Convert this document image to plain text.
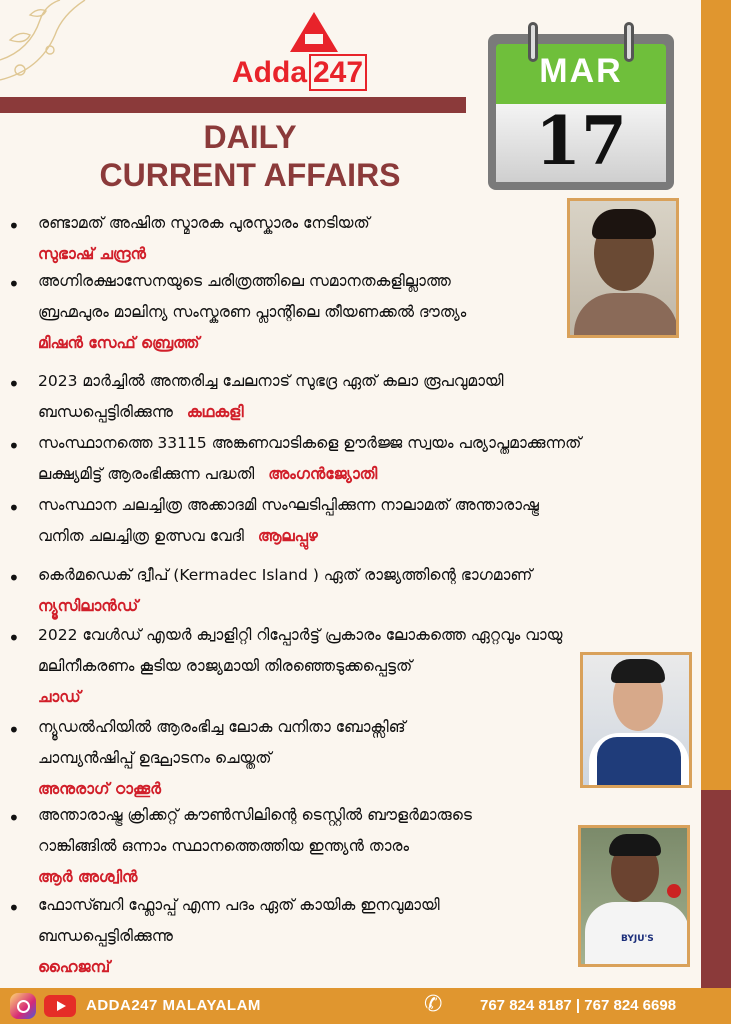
Adda 247
DAILY
CURRENT AFFAIRS
MAR
17
BYJU'S
•
രണ്ടാമത് അഷിത സ്മാരക പുരസ്കാരം നേടിയത്
സുഭാഷ് ചന്ദ്രൻ
•
അഗ്നിരക്ഷാസേനയുടെ ചരിത്രത്തിലെ സമാനതകളില്ലാത്ത
ബ്രഹ്മപുരം മാലിന്യ സംസ്കരണ പ്ലാന്റിലെ തീയണക്കൽ ദൗത്യം
മിഷൻ സേഫ് ബ്രെത്ത്
•
2023 മാർച്ചിൽ അന്തരിച്ച ചേലനാട് സുഭദ്ര ഏത് കലാ രൂപവുമായി
ബന്ധപ്പെട്ടിരിക്കുന്നു കഥകളി
•
സംസ്ഥാനത്തെ 33115 അങ്കണവാടികളെ ഊർജ്ജ സ്വയം പര്യാപ്തമാക്കുന്നത്
ലക്ഷ്യമിട്ട് ആരംഭിക്കുന്ന പദ്ധതി അംഗൻജ്യോതി
•
സംസ്ഥാന ചലച്ചിത്ര അക്കാദമി സംഘടിപ്പിക്കുന്ന നാലാമത് അന്താരാഷ്ട്ര
വനിത ചലച്ചിത്ര ഉത്സവ വേദി ആലപ്പുഴ
•
കെർമഡെക് ദ്വീപ് (Kermadec Island ) ഏത് രാജ്യത്തിന്റെ ഭാഗമാണ്
ന്യൂസിലാൻഡ്
•
2022 വേൾഡ് എയർ ക്വാളിറ്റി റിപ്പോർട്ട് പ്രകാരം ലോകത്തെ ഏറ്റവും വായു
മലിനീകരണം കൂടിയ രാജ്യമായി തിരഞ്ഞെടുക്കപ്പെട്ടത്
ചാഡ്
•
ന്യൂഡൽഹിയിൽ ആരംഭിച്ച ലോക വനിതാ ബോക്സിങ്
ചാമ്പ്യൻഷിപ്പ് ഉദ്ഘാടനം ചെയ്തത്
അനുരാഗ് ഠാക്കൂർ
•
അന്താരാഷ്ട്ര ക്രിക്കറ്റ് കൗൺസിലിന്റെ ടെസ്റ്റിൽ ബൗളർമാരുടെ
റാങ്കിങ്ങിൽ ഒന്നാം സ്ഥാനത്തെത്തിയ ഇന്ത്യൻ താരം
ആർ അശ്വിൻ
•
ഫോസ്ബറി ഫ്ലോപ്പ് എന്ന പദം ഏത് കായിക ഇനവുമായി
ബന്ധപ്പെട്ടിരിക്കുന്നു
ഹൈജമ്പ്
ADDA247 MALAYALAM	✆	767 824 8187 | 767 824 6698
